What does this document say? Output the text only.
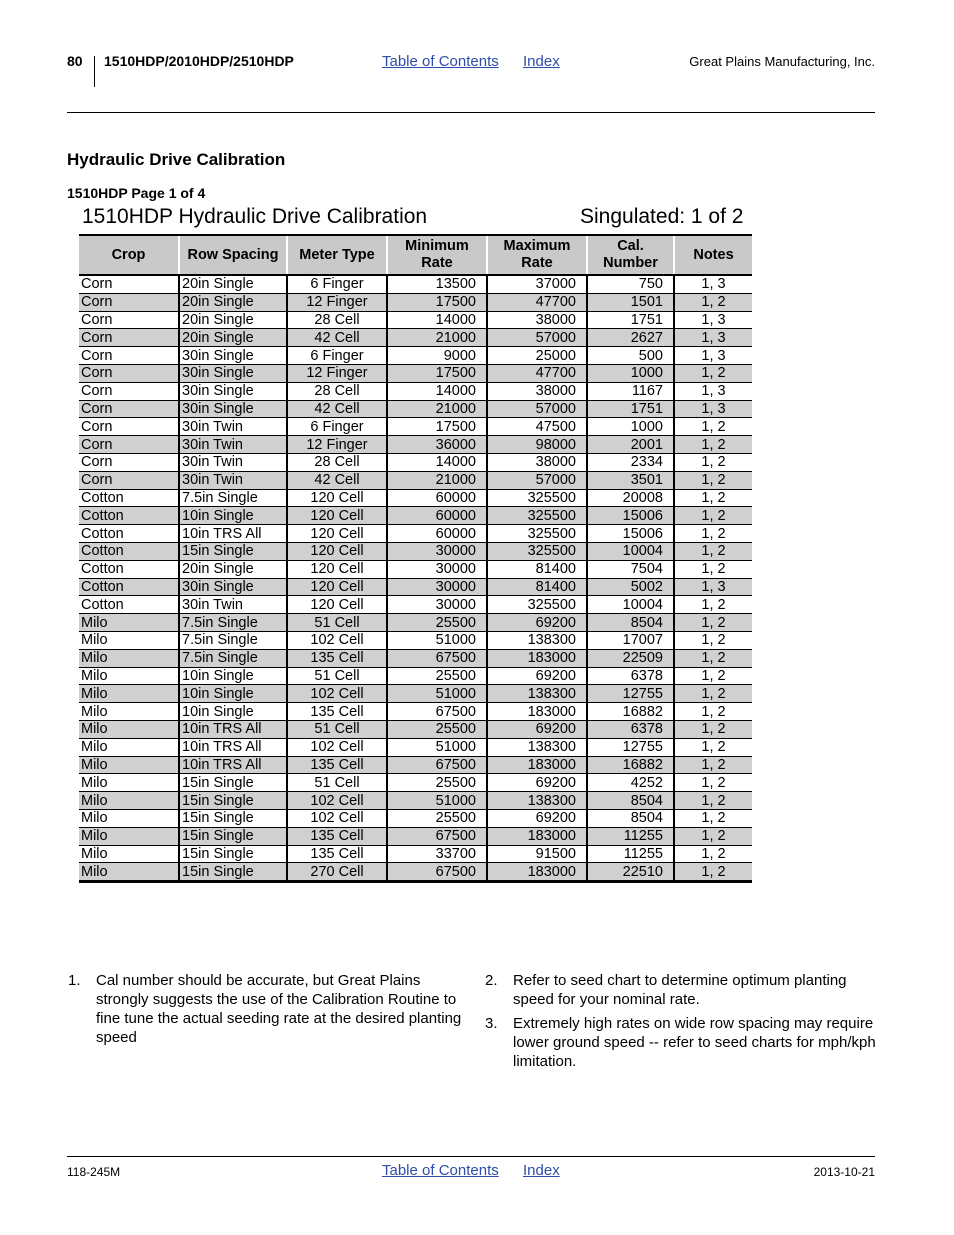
80 1510HDP/2010HDP/2510HDP	Table of Contents Index	Great Plains Manufacturing, Inc.
Hydraulic Drive Calibration
1510HDP Page 1 of 4
1510HDP Hydraulic Drive Calibration	Singulated: 1 of 2
Crop	Row Spacing	Meter Type	Minimum Rate	Maximum Rate	Cal. Number	Notes
Corn	20in Single	6 Finger	13500	37000	750	1, 3
Corn	20in Single	12 Finger	17500	47700	1501	1, 2
Corn	20in Single	28 Cell	14000	38000	1751	1, 3
Corn	20in Single	42 Cell	21000	57000	2627	1, 3
Corn	30in Single	6 Finger	9000	25000	500	1, 3
Corn	30in Single	12 Finger	17500	47700	1000	1, 2
Corn	30in Single	28 Cell	14000	38000	1167	1, 3
Corn	30in Single	42 Cell	21000	57000	1751	1, 3
Corn	30in Twin	6 Finger	17500	47500	1000	1, 2
Corn	30in Twin	12 Finger	36000	98000	2001	1, 2
Corn	30in Twin	28 Cell	14000	38000	2334	1, 2
Corn	30in Twin	42 Cell	21000	57000	3501	1, 2
Cotton	7.5in Single	120 Cell	60000	325500	20008	1, 2
Cotton	10in Single	120 Cell	60000	325500	15006	1, 2
Cotton	10in TRS All	120 Cell	60000	325500	15006	1, 2
Cotton	15in Single	120 Cell	30000	325500	10004	1, 2
Cotton	20in Single	120 Cell	30000	81400	7504	1, 2
Cotton	30in Single	120 Cell	30000	81400	5002	1, 3
Cotton	30in Twin	120 Cell	30000	325500	10004	1, 2
Milo	7.5in Single	51 Cell	25500	69200	8504	1, 2
Milo	7.5in Single	102 Cell	51000	138300	17007	1, 2
Milo	7.5in Single	135 Cell	67500	183000	22509	1, 2
Milo	10in Single	51 Cell	25500	69200	6378	1, 2
Milo	10in Single	102 Cell	51000	138300	12755	1, 2
Milo	10in Single	135 Cell	67500	183000	16882	1, 2
Milo	10in TRS All	51 Cell	25500	69200	6378	1, 2
Milo	10in TRS All	102 Cell	51000	138300	12755	1, 2
Milo	10in TRS All	135 Cell	67500	183000	16882	1, 2
Milo	15in Single	51 Cell	25500	69200	4252	1, 2
Milo	15in Single	102 Cell	51000	138300	8504	1, 2
Milo	15in Single	102 Cell	25500	69200	8504	1, 2
Milo	15in Single	135 Cell	67500	183000	11255	1, 2
Milo	15in Single	135 Cell	33700	91500	11255	1, 2
Milo	15in Single	270 Cell	67500	183000	22510	1, 2
1. Cal number should be accurate, but Great Plains strongly suggests the use of the Calibration Routine to fine tune the actual seeding rate at the desired planting speed
2. Refer to seed chart to determine optimum planting speed for your nominal rate.
3. Extremely high rates on wide row spacing may require lower ground speed -- refer to seed charts for mph/kph limitation.
118-245M	Table of Contents Index	2013-10-21
